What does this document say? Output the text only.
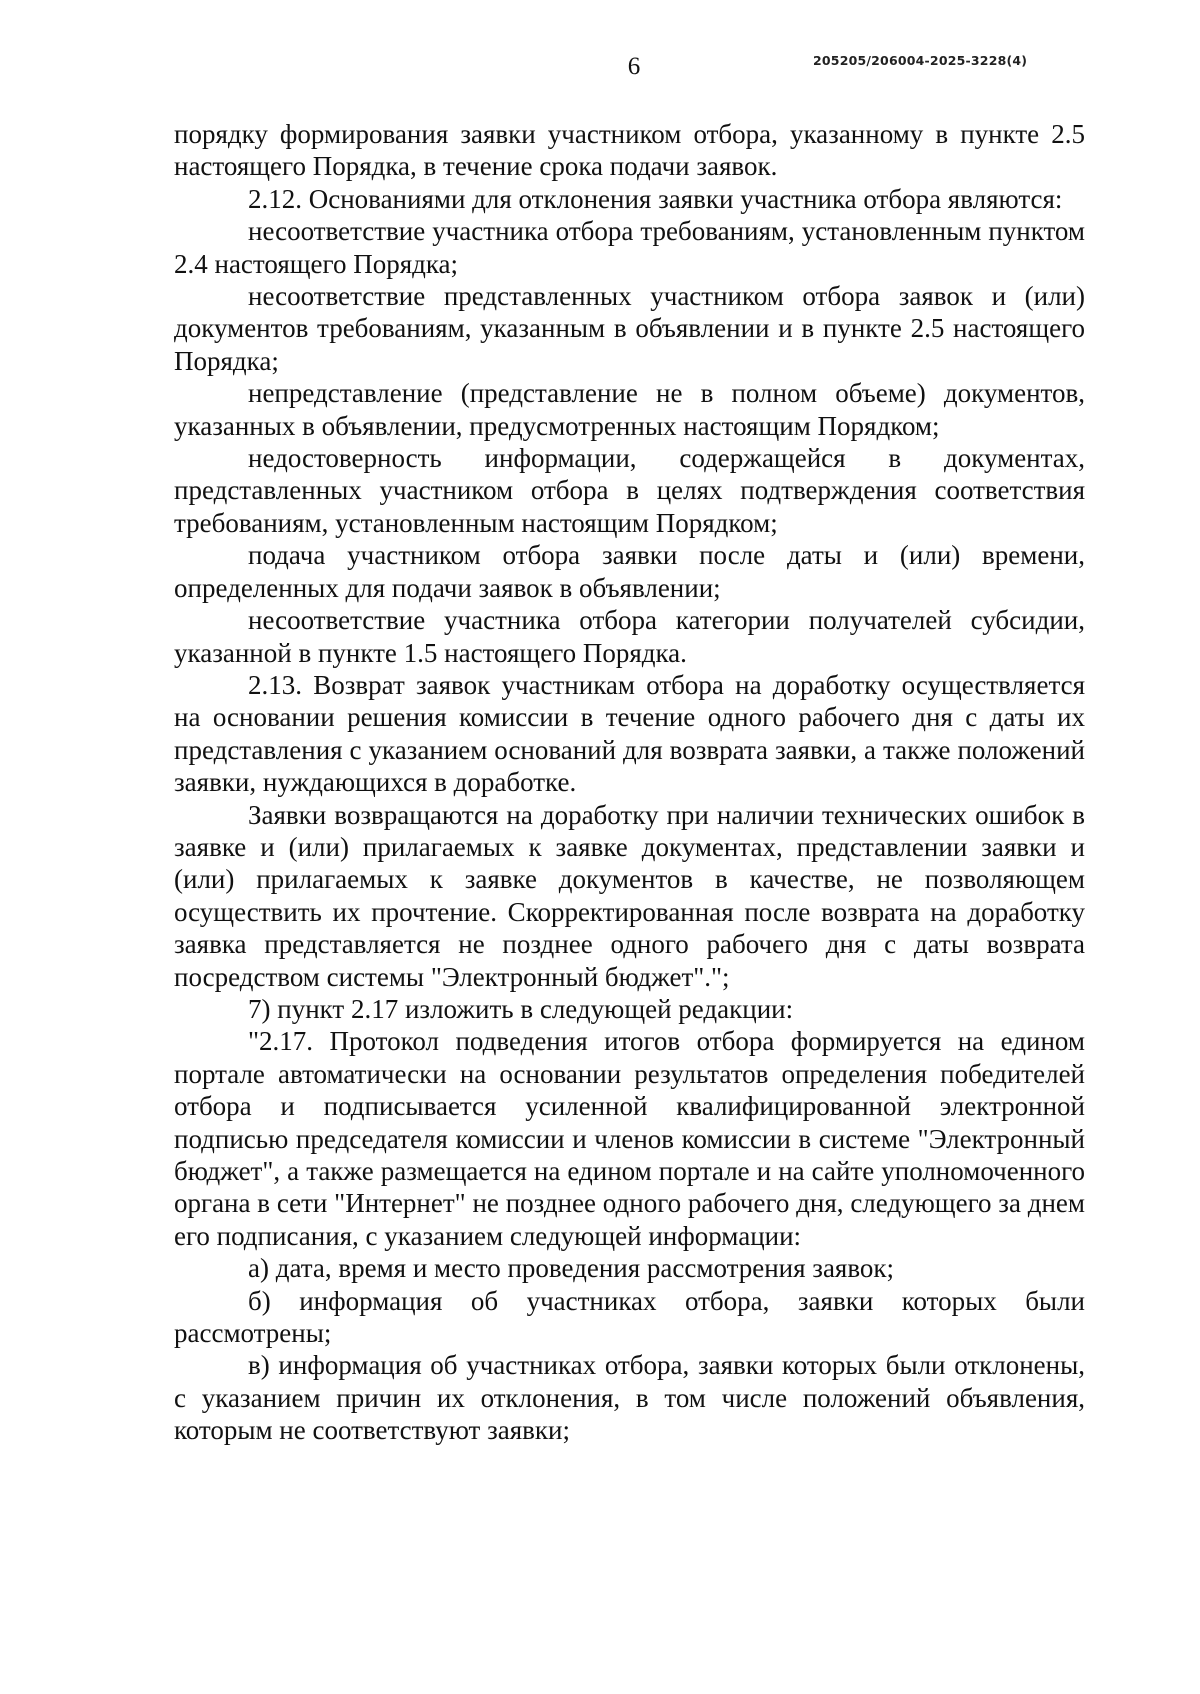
6	205205/206004-2025-3228(4)

порядку формирования заявки участником отбора, указанному в пункте 2.5 настоящего Порядка, в течение срока подачи заявок.

2.12. Основаниями для отклонения заявки участника отбора являются:

несоответствие участника отбора требованиям, установленным пунктом 2.4 настоящего Порядка;

несоответствие представленных участником отбора заявок и (или) документов требованиям, указанным в объявлении и в пункте 2.5 настоящего Порядка;

непредставление (представление не в полном объеме) документов, указанных в объявлении, предусмотренных настоящим Порядком;

недостоверность информации, содержащейся в документах, представленных участником отбора в целях подтверждения соответствия требованиям, установленным настоящим Порядком;

подача участником отбора заявки после даты и (или) времени, определенных для подачи заявок в объявлении;

несоответствие участника отбора категории получателей субсидии, указанной в пункте 1.5 настоящего Порядка.

2.13. Возврат заявок участникам отбора на доработку осуществляется на основании решения комиссии в течение одного рабочего дня с даты их представления с указанием оснований для возврата заявки, а также положений заявки, нуждающихся в доработке.

Заявки возвращаются на доработку при наличии технических ошибок в заявке и (или) прилагаемых к заявке документах, представлении заявки и (или) прилагаемых к заявке документов в качестве, не позволяющем осуществить их прочтение. Скорректированная после возврата на доработку заявка представляется не позднее одного рабочего дня с даты возврата посредством системы "Электронный бюджет".";

7) пункт 2.17 изложить в следующей редакции:

"2.17. Протокол подведения итогов отбора формируется на едином портале автоматически на основании результатов определения победителей отбора и подписывается усиленной квалифицированной электронной подписью председателя комиссии и членов комиссии в системе "Электронный бюджет", а также размещается на едином портале и на сайте уполномоченного органа в сети "Интернет" не позднее одного рабочего дня, следующего за днем его подписания, с указанием следующей информации:

а) дата, время и место проведения рассмотрения заявок;

б) информация об участниках отбора, заявки которых были рассмотрены;

в) информация об участниках отбора, заявки которых были отклонены, с указанием причин их отклонения, в том числе положений объявления, которым не соответствуют заявки;
